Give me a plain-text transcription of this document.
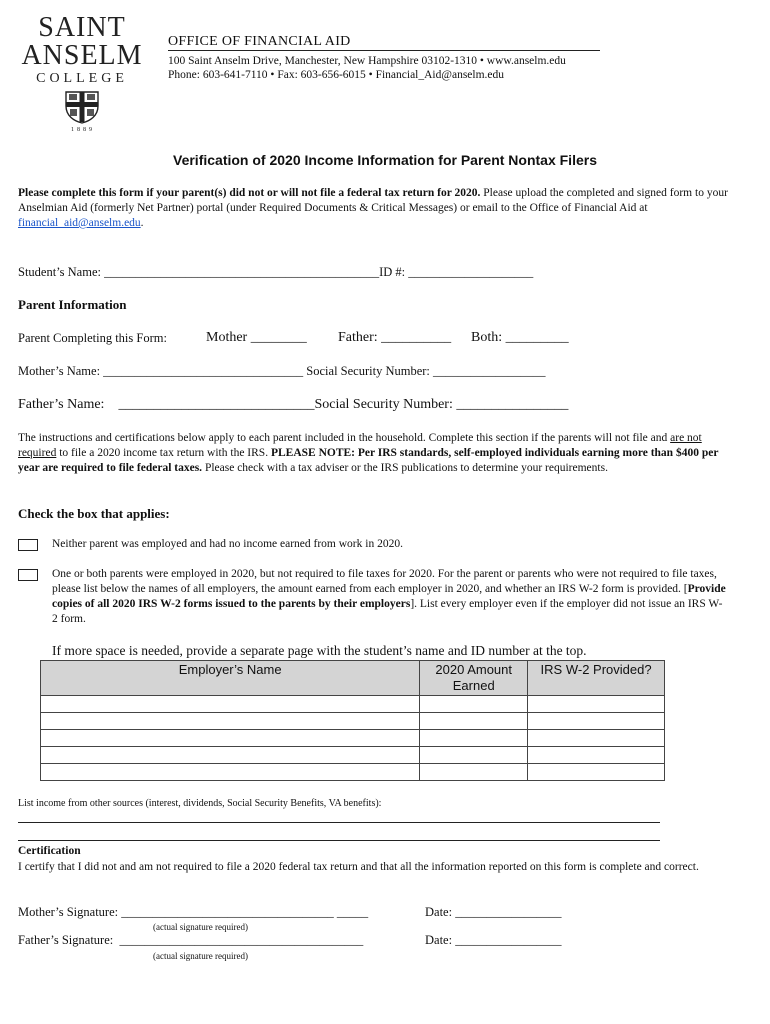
SAINT
ANSELM
COLLEGE
1889
OFFICE OF FINANCIAL AID
100 Saint Anselm Drive, Manchester, New Hampshire 03102-1310 • www.anselm.edu
Phone: 603-641-7110 • Fax: 603-656-6015 • Financial_Aid@anselm.edu
Verification of 2020 Income Information for Parent Nontax Filers
Please complete this form if your parent(s) did not or will not file a federal tax return for 2020. Please upload the completed and signed form to your Anselmian Aid (formerly Net Partner) portal (under Required Documents & Critical Messages) or email to the Office of Financial Aid at financial_aid@anselm.edu.
Student’s Name: ____________________________________________ID #: ____________________
Parent Information
Parent Completing this Form:	Mother ________ Father: __________ Both: _________
Mother’s Name: ________________________________ Social Security Number: __________________
Father’s Name:    ____________________________Social Security Number: ________________
The instructions and certifications below apply to each parent included in the household. Complete this section if the parents will not file and are not required to file a 2020 income tax return with the IRS. PLEASE NOTE: Per IRS standards, self-employed individuals earning more than $400 per year are required to file federal taxes. Please check with a tax adviser or the IRS publications to determine your requirements.
Check the box that applies:
Neither parent was employed and had no income earned from work in 2020.
One or both parents were employed in 2020, but not required to file taxes for 2020. For the parent or parents who were not required to file taxes, please list below the names of all employers, the amount earned from each employer in 2020, and whether an IRS W-2 form is provided. [Provide copies of all 2020 IRS W-2 forms issued to the parents by their employers]. List every employer even if the employer did not issue an IRS W-2 form.
If more space is needed, provide a separate page with the student’s name and ID number at the top.
Employer’s Name	2020 Amount Earned	IRS W-2 Provided?

List income from other sources (interest, dividends, Social Security Benefits, VA benefits):
Certification
I certify that I did not and am not required to file a 2020 federal tax return and that all the information reported on this form is complete and correct.
Mother’s Signature: __________________________________ _____	Date: _________________
(actual signature required)
Father’s Signature:  _______________________________________	Date: _________________
(actual signature required)
